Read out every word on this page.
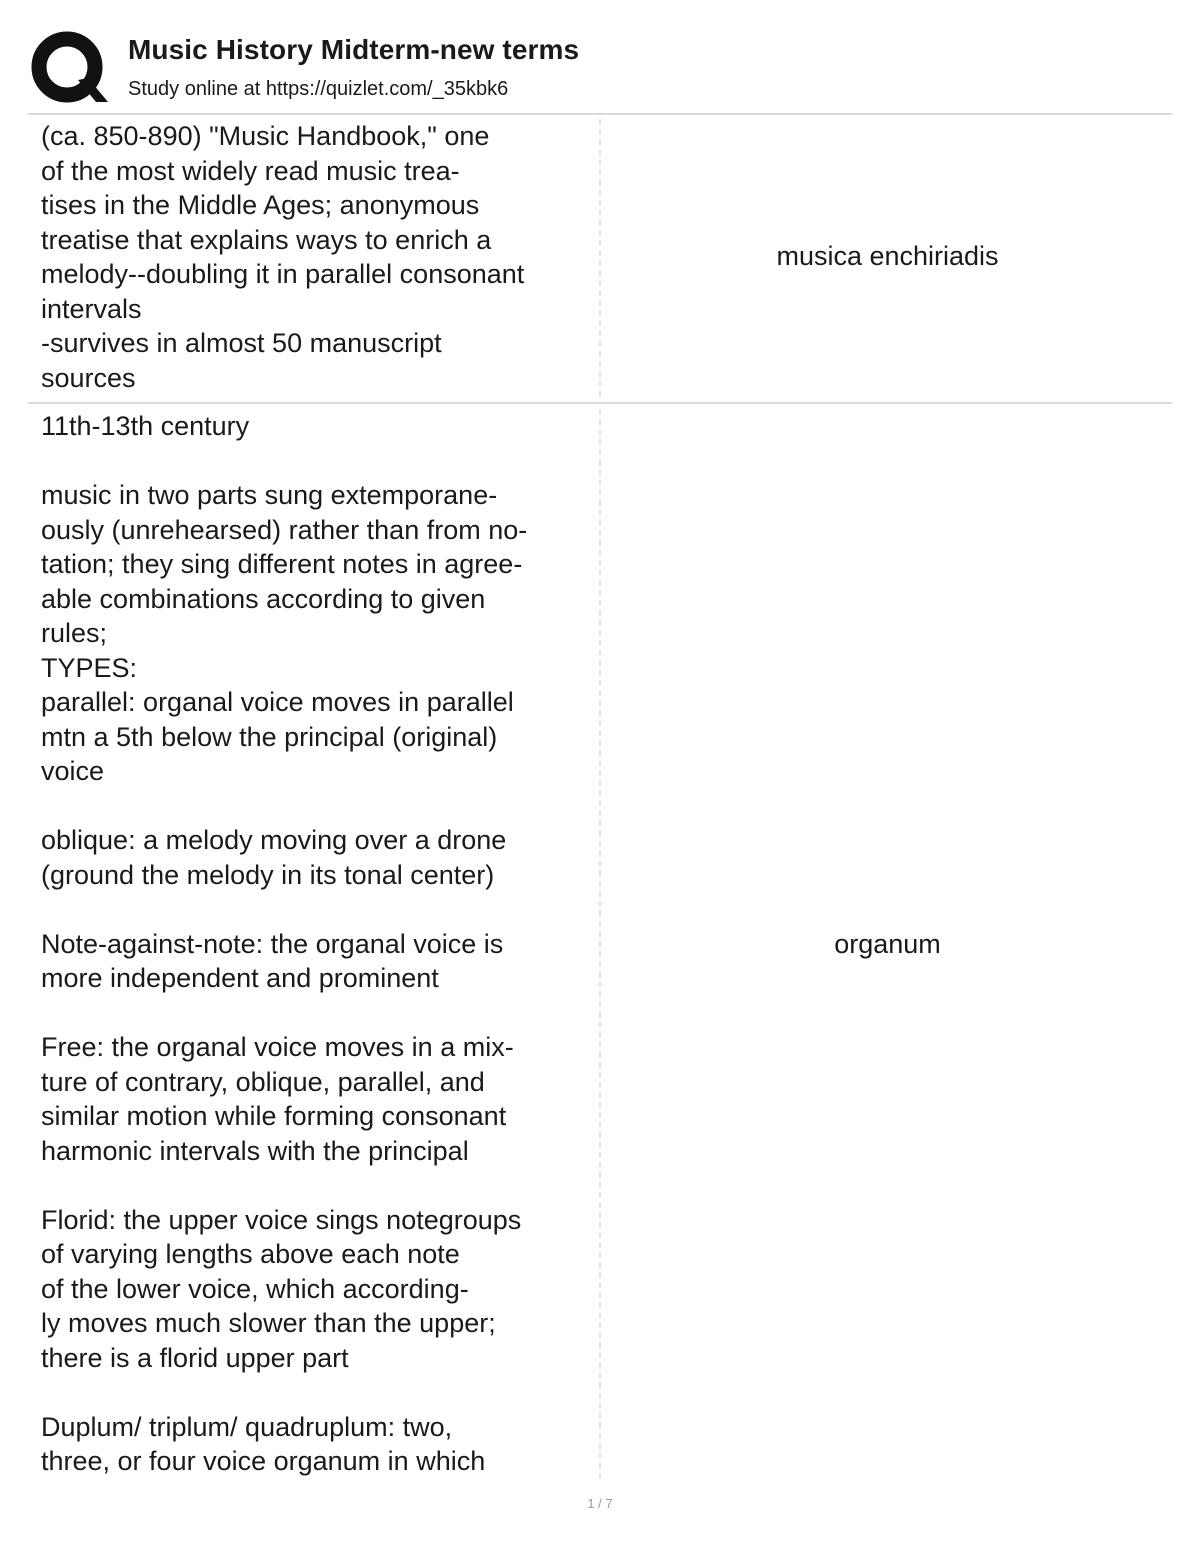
Music History Midterm-new terms
Study online at https://quizlet.com/_35kbk6
(ca. 850-890) "Music Handbook," one
of the most widely read music trea-
tises in the Middle Ages; anonymous
treatise that explains ways to enrich a
melody--doubling it in parallel consonant
intervals
-survives in almost 50 manuscript
sources
musica enchiriadis
11th-13th century

music in two parts sung extemporane-
ously (unrehearsed) rather than from no-
tation; they sing different notes in agree-
able combinations according to given
rules;
TYPES:
parallel: organal voice moves in parallel
mtn a 5th below the principal (original)
voice

oblique: a melody moving over a drone
(ground the melody in its tonal center)

Note-against-note: the organal voice is
more independent and prominent

Free: the organal voice moves in a mix-
ture of contrary, oblique, parallel, and
similar motion while forming consonant
harmonic intervals with the principal

Florid: the upper voice sings notegroups
of varying lengths above each note
of the lower voice, which according-
ly moves much slower than the upper;
there is a florid upper part

Duplum/ triplum/ quadruplum: two,
three, or four voice organum in which
organum
1 / 7
